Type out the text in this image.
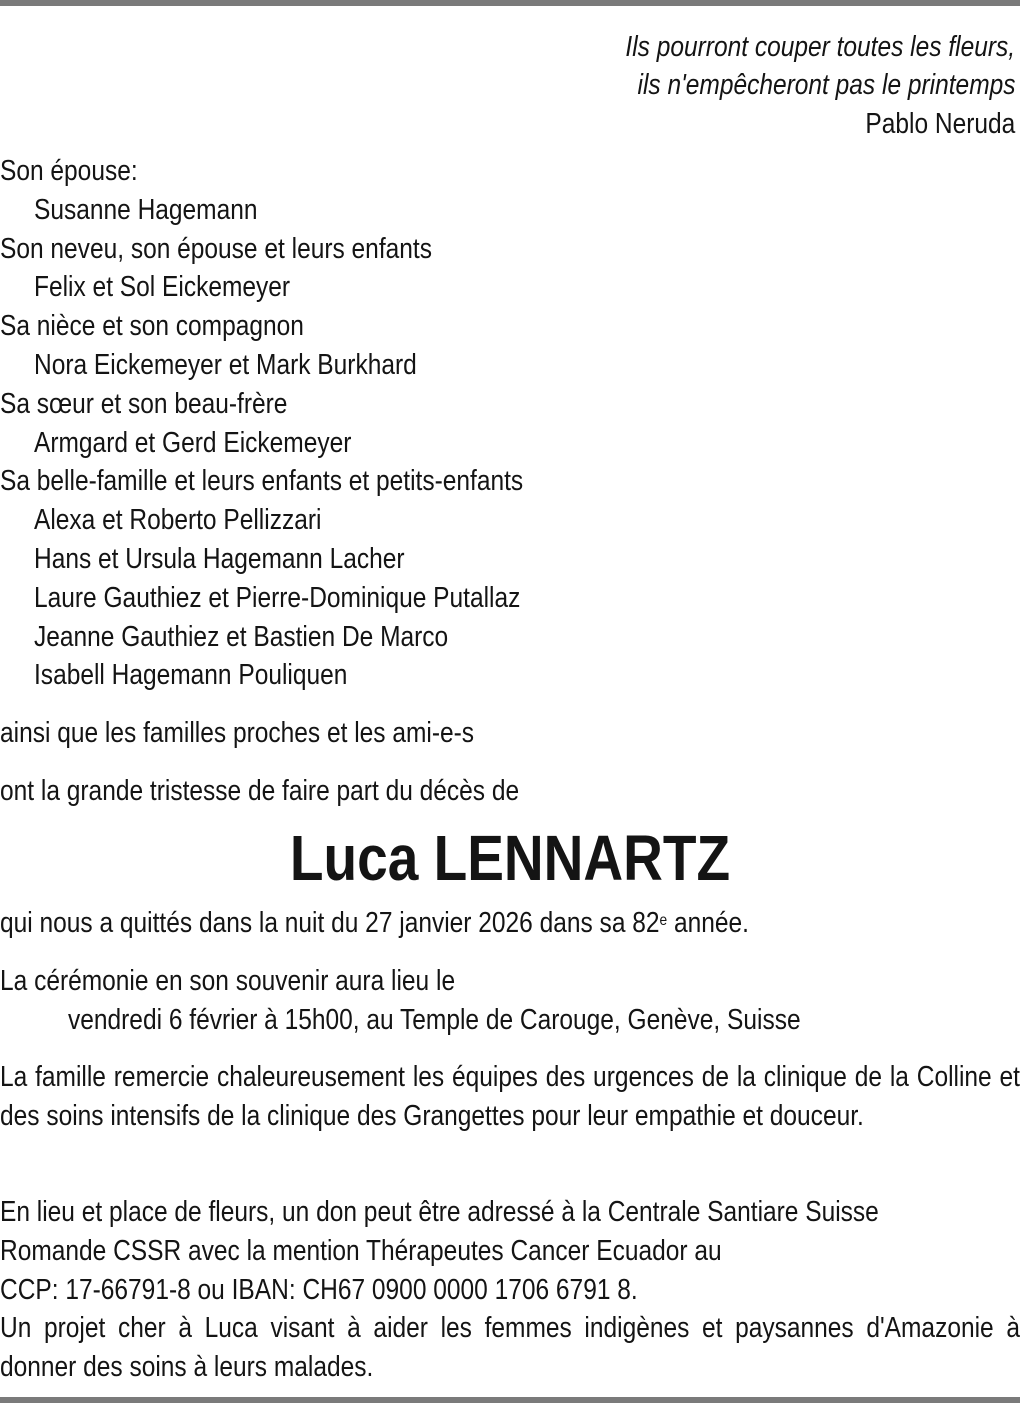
Ils pourront couper toutes les fleurs,
ils n'empêcheront pas le printemps
Pablo Neruda
Son épouse:
Susanne Hagemann
Son neveu, son épouse et leurs enfants
Felix et Sol Eickemeyer
Sa nièce et son compagnon
Nora Eickemeyer et Mark Burkhard
Sa sœur et son beau-frère
Armgard et Gerd Eickemeyer
Sa belle-famille et leurs enfants et petits-enfants
Alexa et Roberto Pellizzari
Hans et Ursula Hagemann Lacher
Laure Gauthiez et Pierre-Dominique Putallaz
Jeanne Gauthiez et Bastien De Marco
Isabell Hagemann Pouliquen
ainsi que les familles proches et les ami-e-s
ont la grande tristesse de faire part du décès de
Luca LENNARTZ
qui nous a quittés dans la nuit du 27 janvier 2026 dans sa 82e année.
La cérémonie en son souvenir aura lieu le
vendredi 6 février à 15h00, au Temple de Carouge, Genève, Suisse
La famille remercie chaleureusement les équipes des urgences de la clinique de la Colline et des soins intensifs de la clinique des Grangettes pour leur empathie et douceur.
En lieu et place de fleurs, un don peut être adressé à la Centrale Santiare Suisse
Romande CSSR avec la mention Thérapeutes Cancer Ecuador au
CCP: 17-66791-8 ou IBAN: CH67 0900 0000 1706 6791 8.
Un projet cher à Luca visant à aider les femmes indigènes et paysannes d'Amazonie à donner des soins à leurs malades.
